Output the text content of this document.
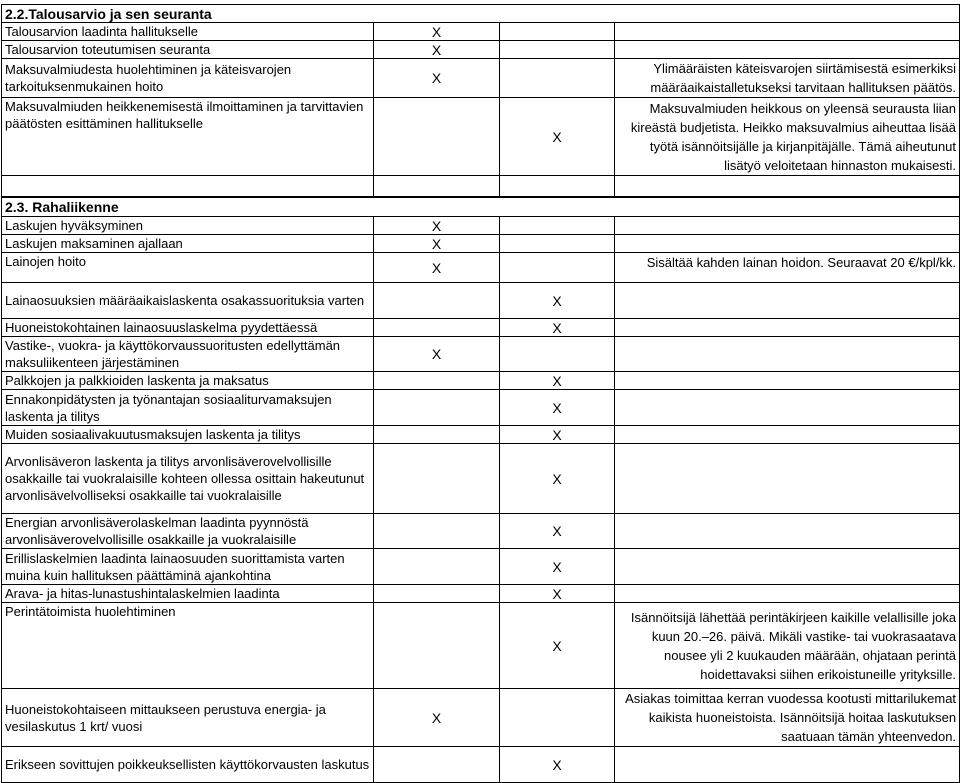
2.2.Talousarvio ja sen seuranta			
Talousarvion laadinta hallitukselle	X		
Talousarvion toteutumisen seuranta	X		
Maksuvalmiudesta huolehtiminen ja käteisvarojen tarkoituksenmukainen hoito	X		Ylimääräisten käteisvarojen siirtämisestä esimerkiksi määräaikaistalletukseksi tarvitaan hallituksen päätös.
Maksuvalmiuden heikkenemisestä ilmoittaminen ja tarvittavien päätösten esittäminen hallitukselle		X	Maksuvalmiuden heikkous on yleensä seurausta liian kireästä budjetista. Heikko maksuvalmius aiheuttaa lisää työtä isännöitsijälle ja kirjanpitäjälle. Tämä aiheutunut lisätyö veloitetaan hinnaston mukaisesti.

2.3. Rahaliikenne			
Laskujen hyväksyminen	X		
Laskujen maksaminen ajallaan	X		
Lainojen hoito	X		Sisältää kahden lainan hoidon. Seuraavat 20 €/kpl/kk.
Lainaosuuksien määräaikaislaskenta osakassuorituksia varten		X	
Huoneistokohtainen lainaosuuslaskelma pyydettäessä		X	
Vastike-, vuokra- ja käyttökorvaussuoritusten edellyttämän maksuliikenteen järjestäminen	X		
Palkkojen ja palkkioiden laskenta ja maksatus		X	
Ennakonpidätysten ja työnantajan sosiaaliturvamaksujen laskenta ja tilitys		X	
Muiden sosiaalivakuutusmaksujen laskenta ja tilitys		X	
Arvonlisäveron laskenta ja tilitys arvonlisäverovelvollisille osakkaille tai vuokralaisille kohteen ollessa osittain hakeutunut arvonlisävelvolliseksi osakkaille tai vuokralaisille		X	
Energian arvonlisäverolaskelman laadinta pyynnöstä arvonlisäverovelvollisille osakkaille ja vuokralaisille		X	
Erillislaskelmien laadinta lainaosuuden suorittamista varten muina kuin hallituksen päättäminä ajankohtina		X	
Arava- ja hitas-lunastushintalaskelmien laadinta		X	
Perintätoimista huolehtiminen		X	Isännöitsijä lähettää perintäkirjeen kaikille velallisille joka kuun 20.–26. päivä. Mikäli vastike- tai vuokrasaatava nousee yli 2 kuukauden määrään, ohjataan perintä hoidettavaksi siihen erikoistuneille yrityksille.
Huoneistokohtaiseen mittaukseen perustuva energia- ja vesilaskutus 1 krt/ vuosi	X		Asiakas toimittaa kerran vuodessa kootusti mittarilukemat kaikista huoneistoista. Isännöitsijä hoitaa laskutuksen saatuaan tämän yhteenvedon.
Erikseen sovittujen poikkeuksellisten käyttökorvausten laskutus		X	
